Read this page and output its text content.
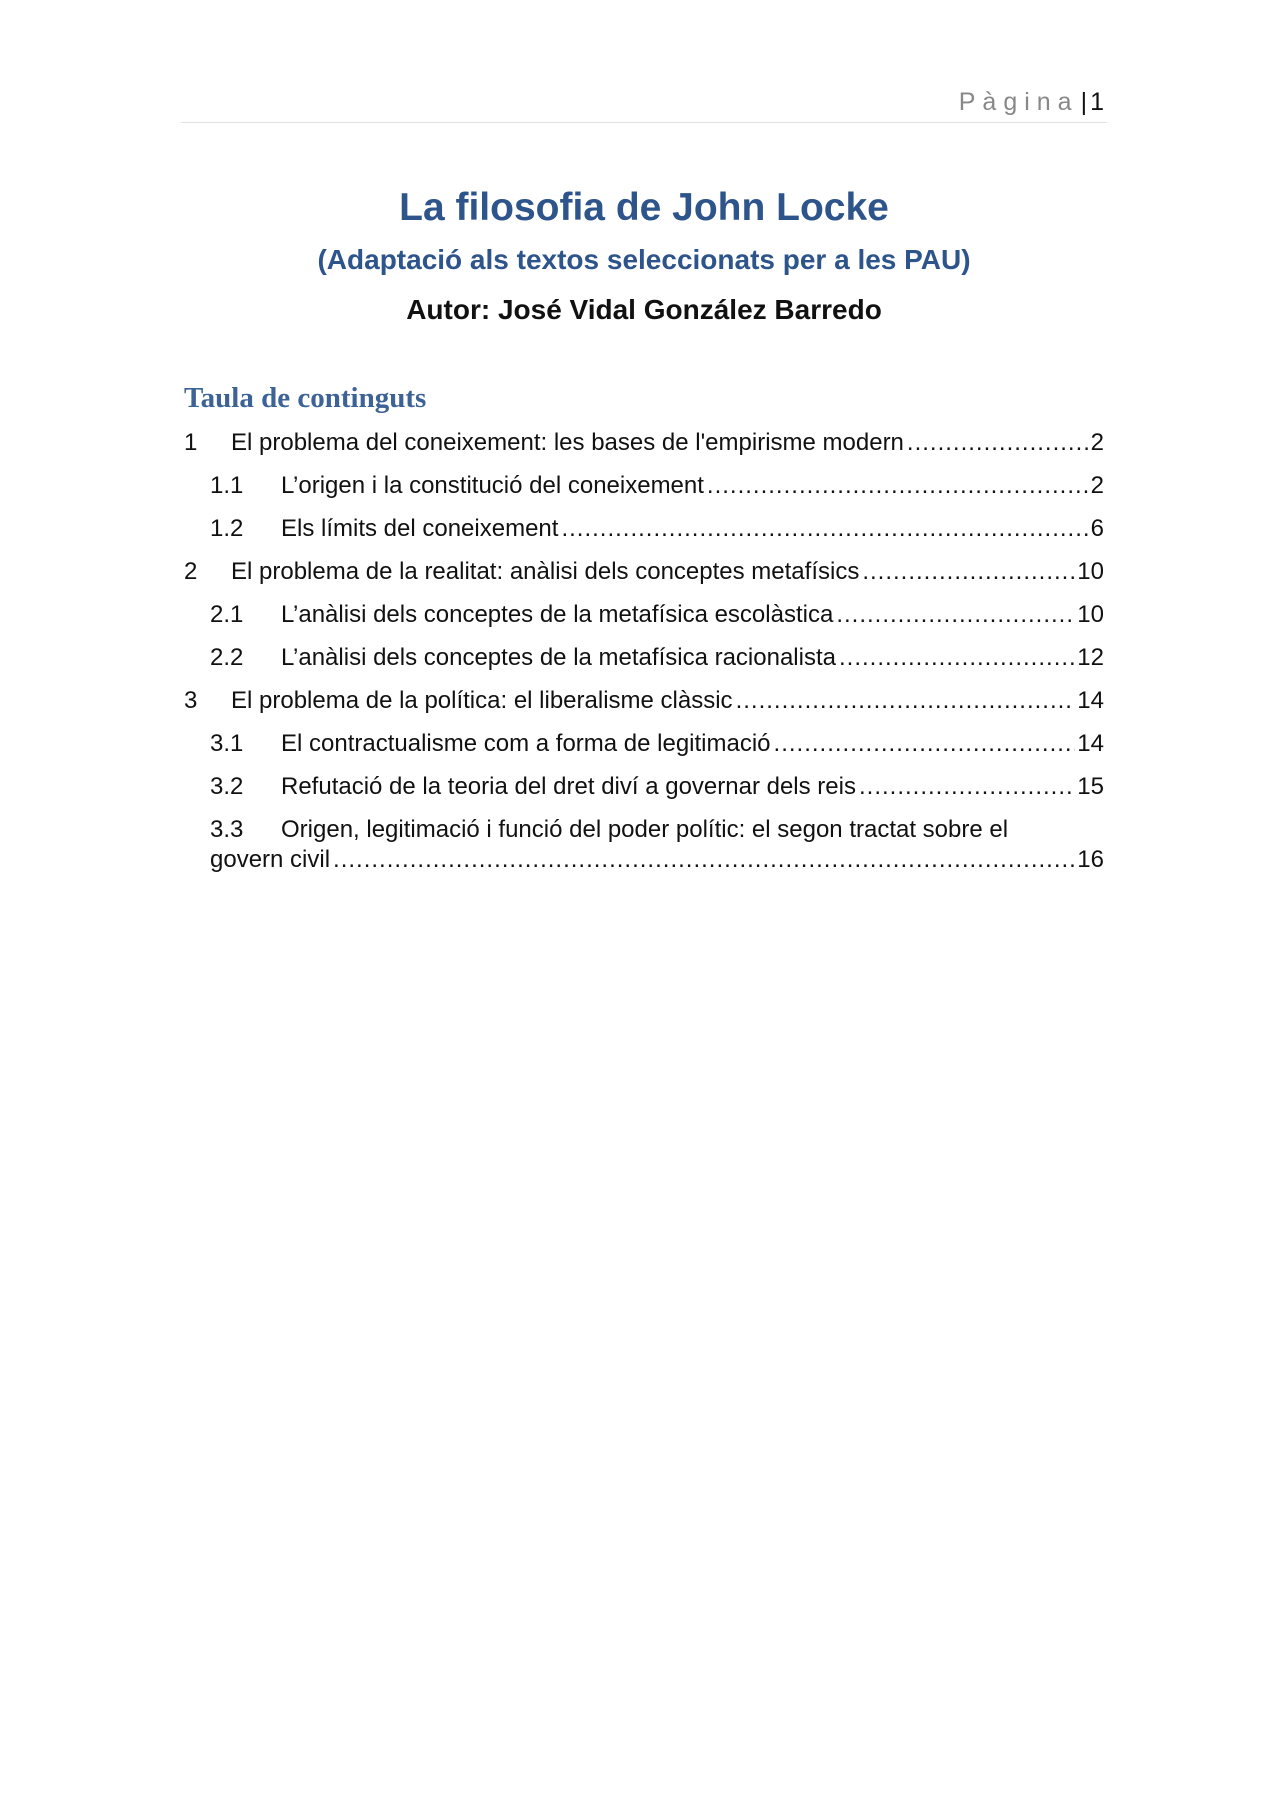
Pàgina| 1
La filosofia de John Locke
(Adaptació als textos seleccionats per a les PAU)
Autor: José Vidal González Barredo
Taula de continguts
1	El problema del coneixement: les bases de l'empirisme modern .....	2
1.1	L’origen i la constitució del coneixement .....	2
1.2	Els límits del coneixement .....	6
2	El problema de la realitat: anàlisi dels conceptes metafísics .....	10
2.1	L’anàlisi dels conceptes de la metafísica escolàstica .....	10
2.2	L’anàlisi dels conceptes de la metafísica racionalista .....	12
3	El problema de la política: el liberalisme clàssic .....	14
3.1	El contractualisme com a forma de legitimació .....	14
3.2	Refutació de la teoria del dret diví a governar dels reis .....	15
3.3	Origen, legitimació i funció del poder polític: el segon tractat sobre el
govern civil .....	16
